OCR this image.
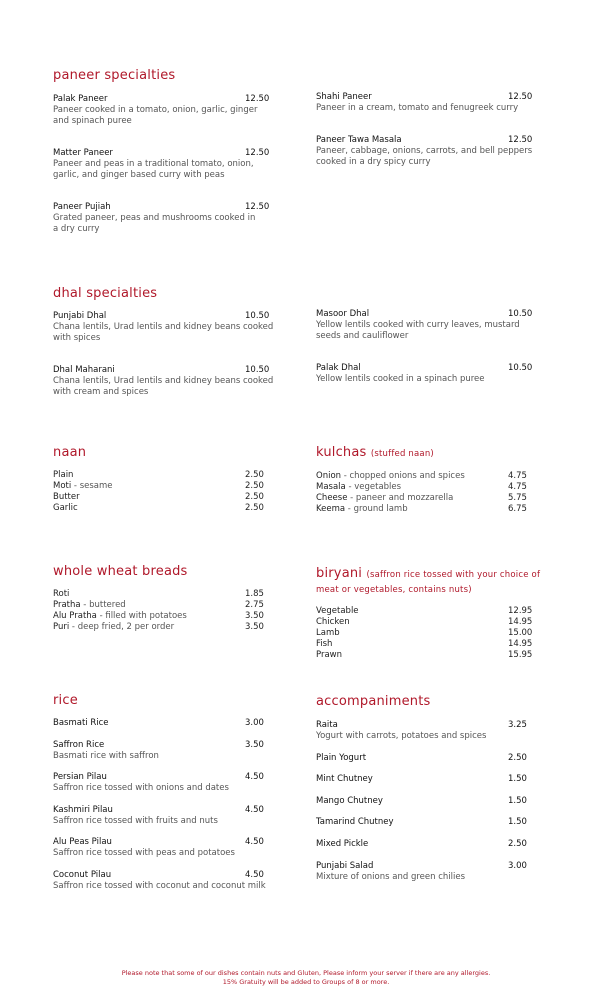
paneer specialties
Palak Paneer	12.50
Paneer cooked in a tomato, onion, garlic, ginger and spinach puree
Matter Paneer	12.50
Paneer and peas in a traditional tomato, onion, garlic, and ginger based curry with peas
Paneer Pujiah	12.50
Grated paneer, peas and mushrooms cooked in a dry curry
Shahi Paneer	12.50
Paneer in a cream, tomato and fenugreek curry
Paneer Tawa Masala	12.50
Paneer, cabbage, onions, carrots, and bell peppers cooked in a dry spicy curry
dhal specialties
Punjabi Dhal	10.50
Chana lentils, Urad lentils and kidney beans cooked with spices
Dhal Maharani	10.50
Chana lentils, Urad lentils and kidney beans cooked with cream and spices
Masoor Dhal	10.50
Yellow lentils cooked with curry leaves, mustard seeds and cauliflower
Palak Dhal	10.50
Yellow lentils cooked in a spinach puree
naan
Plain	2.50
Moti - sesame	2.50
Butter	2.50
Garlic	2.50
kulchas (stuffed naan)
Onion - chopped onions and spices	4.75
Masala - vegetables	4.75
Cheese - paneer and mozzarella	5.75
Keema - ground lamb	6.75
whole wheat breads
Roti	1.85
Pratha - buttered	2.75
Alu Pratha - filled with potatoes	3.50
Puri - deep fried, 2 per order	3.50
biryani (saffron rice tossed with your choice of
meat or vegetables, contains nuts)
Vegetable	12.95
Chicken	14.95
Lamb	15.00
Fish	14.95
Prawn	15.95
rice
Basmati Rice	3.00
Saffron Rice	3.50
Basmati rice with saffron
Persian Pilau	4.50
Saffron rice tossed with onions and dates
Kashmiri Pilau	4.50
Saffron rice tossed with fruits and nuts
Alu Peas Pilau	4.50
Saffron rice tossed with peas and potatoes
Coconut Pilau	4.50
Saffron rice tossed with coconut and coconut milk
accompaniments
Raita	3.25
Yogurt with carrots, potatoes and spices
Plain Yogurt	2.50
Mint Chutney	1.50
Mango Chutney	1.50
Tamarind Chutney	1.50
Mixed Pickle	2.50
Punjabi Salad	3.00
Mixture of onions and green chilies
Please note that some of our dishes contain nuts and Gluten, Please inform your server if there are any allergies.
15% Gratuity will be added to Groups of 8 or more.
